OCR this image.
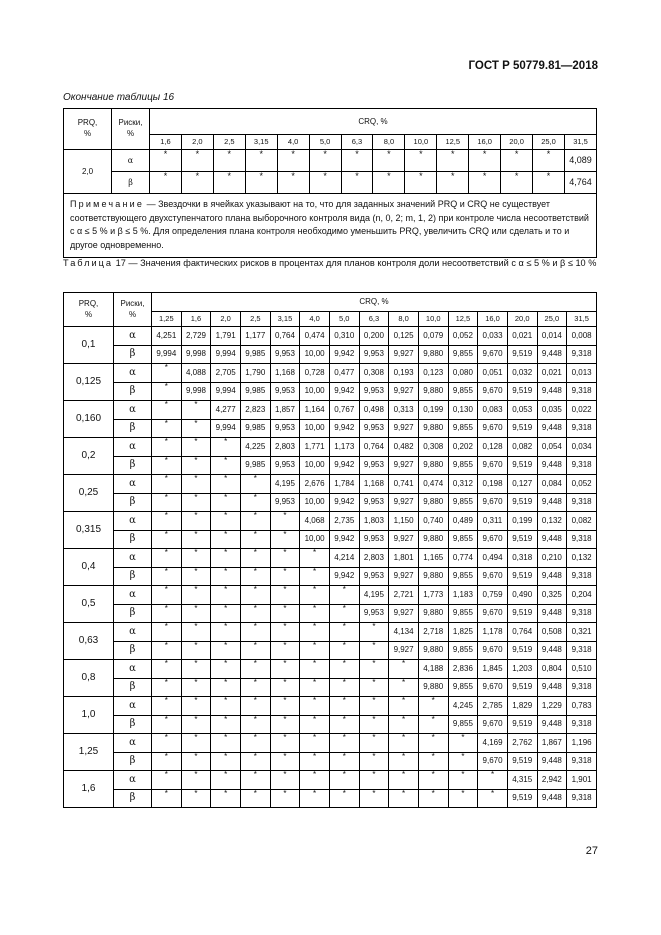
ГОСТ Р 50779.81—2018
Окончание таблицы 16
PRQ,
%	Риски,
%	CRQ, %													
		1,6	2,0	2,5	3,15	4,0	5,0	6,3	8,0	10,0	12,5	16,0	20,0	25,0	31,5
2,0	α	*	*	*	*	*	*	*	*	*	*	*	*	*	4,089
	β	*	*	*	*	*	*	*	*	*	*	*	*	*	4,764
Примечание — Звездочки в ячейках указывают на то, что для заданных значений PRQ и CRQ не существует соответствующего двухступенчатого плана выборочного контроля вида (n, 0, 2; m, 1, 2) при контроле числа несоответствий с α ≤ 5 % и β ≤ 5 %. Для определения плана контроля необходимо уменьшить PRQ, увеличить CRQ или сделать и то и другое одновременно.
Таблица 17 — Значения фактических рисков в процентах для планов контроля доли несоответствий с α ≤ 5 % и β ≤ 10 %
PRQ,
%	Риски,
%	CRQ, %														
		1,25	1,6	2,0	2,5	3,15	4,0	5,0	6,3	8,0	10,0	12,5	16,0	20,0	25,0	31,5
0,1	α	4,251	2,729	1,791	1,177	0,764	0,474	0,310	0,200	0,125	0,079	0,052	0,033	0,021	0,014	0,008
	β	9,994	9,998	9,994	9,985	9,953	10,00	9,942	9,953	9,927	9,880	9,855	9,670	9,519	9,448	9,318
0,125	α	*	4,088	2,705	1,790	1,168	0,728	0,477	0,308	0,193	0,123	0,080	0,051	0,032	0,021	0,013
	β	*	9,998	9,994	9,985	9,953	10,00	9,942	9,953	9,927	9,880	9,855	9,670	9,519	9,448	9,318
0,160	α	*	*	4,277	2,823	1,857	1,164	0,767	0,498	0,313	0,199	0,130	0,083	0,053	0,035	0,022
	β	*	*	9,994	9,985	9,953	10,00	9,942	9,953	9,927	9,880	9,855	9,670	9,519	9,448	9,318
0,2	α	*	*	*	4,225	2,803	1,771	1,173	0,764	0,482	0,308	0,202	0,128	0,082	0,054	0,034
	β	*	*	*	9,985	9,953	10,00	9,942	9,953	9,927	9,880	9,855	9,670	9,519	9,448	9,318
0,25	α	*	*	*	*	4,195	2,676	1,784	1,168	0,741	0,474	0,312	0,198	0,127	0,084	0,052
	β	*	*	*	*	9,953	10,00	9,942	9,953	9,927	9,880	9,855	9,670	9,519	9,448	9,318
0,315	α	*	*	*	*	*	4,068	2,735	1,803	1,150	0,740	0,489	0,311	0,199	0,132	0,082
	β	*	*	*	*	*	10,00	9,942	9,953	9,927	9,880	9,855	9,670	9,519	9,448	9,318
0,4	α	*	*	*	*	*	*	4,214	2,803	1,801	1,165	0,774	0,494	0,318	0,210	0,132
	β	*	*	*	*	*	*	9,942	9,953	9,927	9,880	9,855	9,670	9,519	9,448	9,318
0,5	α	*	*	*	*	*	*	*	4,195	2,721	1,773	1,183	0,759	0,490	0,325	0,204
	β	*	*	*	*	*	*	*	9,953	9,927	9,880	9,855	9,670	9,519	9,448	9,318
0,63	α	*	*	*	*	*	*	*	*	4,134	2,718	1,825	1,178	0,764	0,508	0,321
	β	*	*	*	*	*	*	*	*	9,927	9,880	9,855	9,670	9,519	9,448	9,318
0,8	α	*	*	*	*	*	*	*	*	*	4,188	2,836	1,845	1,203	0,804	0,510
	β	*	*	*	*	*	*	*	*	*	9,880	9,855	9,670	9,519	9,448	9,318
1,0	α	*	*	*	*	*	*	*	*	*	*	4,245	2,785	1,829	1,229	0,783
	β	*	*	*	*	*	*	*	*	*	*	9,855	9,670	9,519	9,448	9,318
1,25	α	*	*	*	*	*	*	*	*	*	*	*	4,169	2,762	1,867	1,196
	β	*	*	*	*	*	*	*	*	*	*	*	9,670	9,519	9,448	9,318
1,6	α	*	*	*	*	*	*	*	*	*	*	*	*	4,315	2,942	1,901
	β	*	*	*	*	*	*	*	*	*	*	*	*	9,519	9,448	9,318
27
